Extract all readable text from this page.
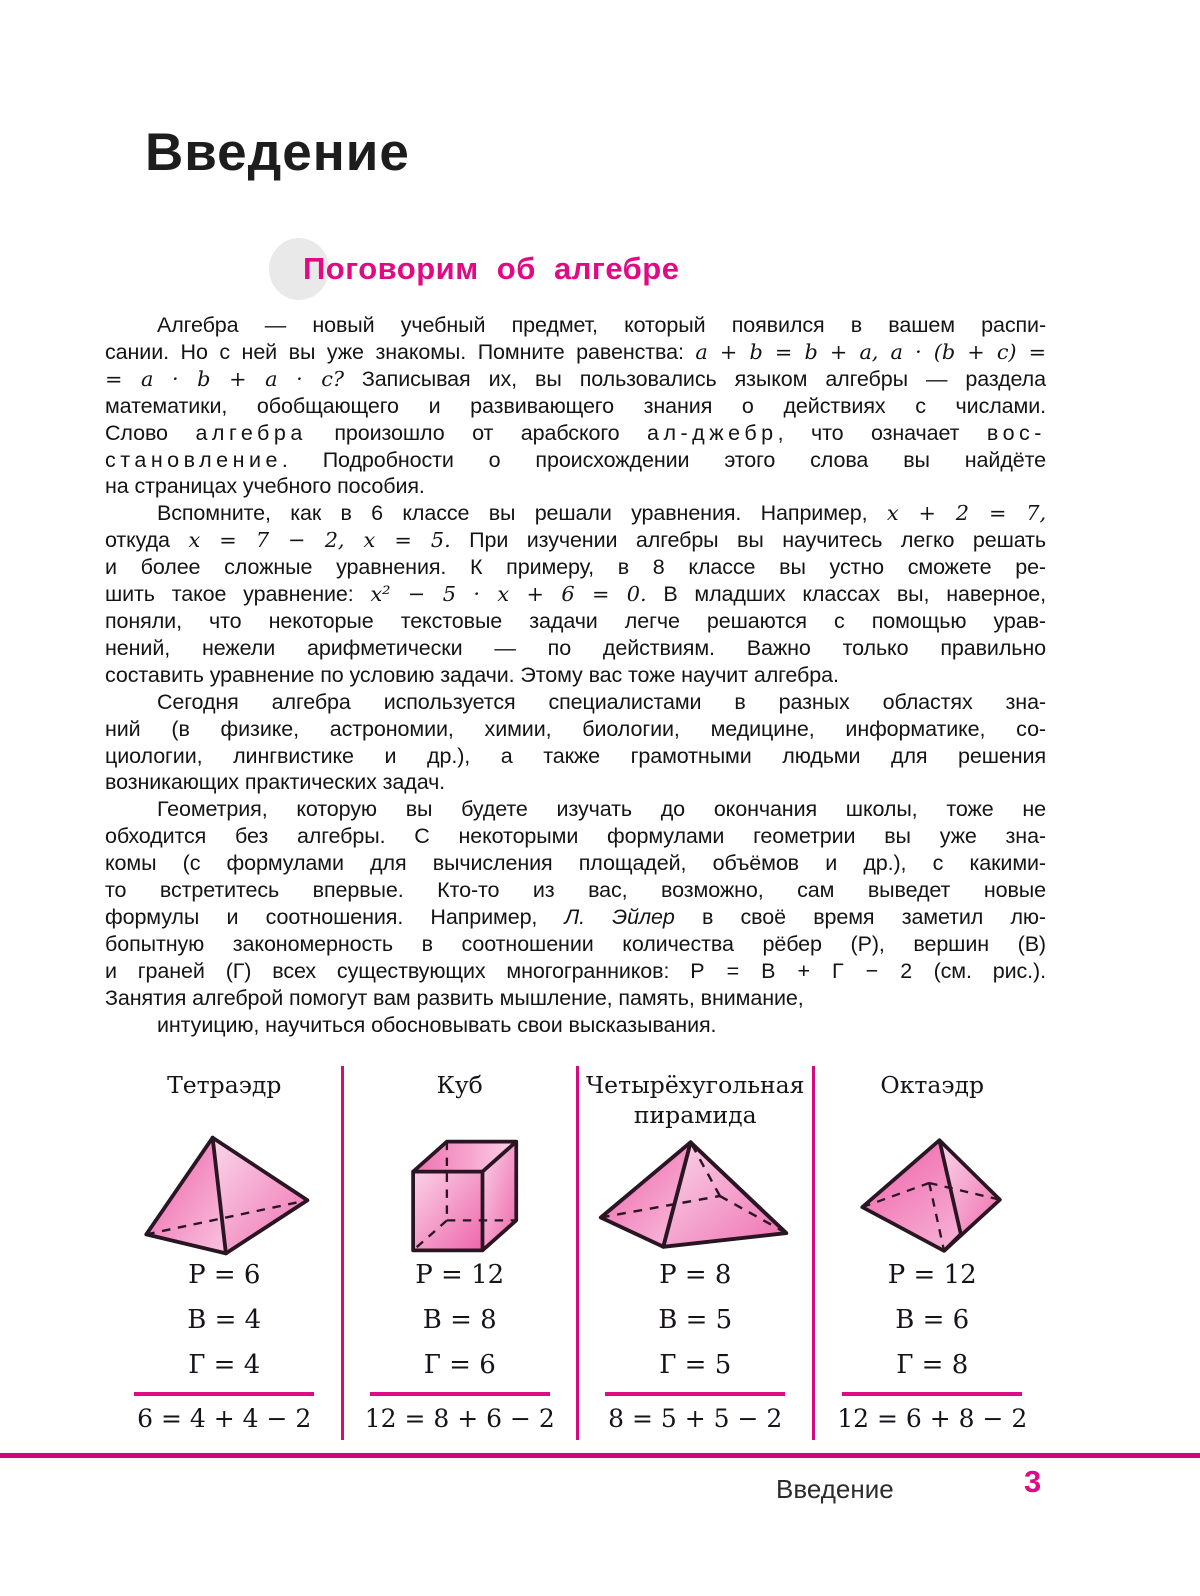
Введение
Поговорим об алгебре
Алгебра — новый учебный предмет, который появился в вашем распи-
сании. Но с ней вы уже знакомы. Помните равенства: a + b = b + a, a · (b + c) =
= a · b + a · c? Записывая их, вы пользовались языком алгебры — раздела
математики, обобщающего и развивающего знания о действиях с числами.
Слово алгебра произошло от арабского ал-джебр, что означает вос-
становление. Подробности о происхождении этого слова вы найдёте
на страницах учебного пособия.
Вспомните, как в 6 классе вы решали уравнения. Например, x + 2 = 7,
откуда x = 7 − 2, x = 5. При изучении алгебры вы научитесь легко решать
и более сложные уравнения. К примеру, в 8 классе вы устно сможете ре-
шить такое уравнение: x² − 5 · x + 6 = 0. В младших классах вы, наверное,
поняли, что некоторые текстовые задачи легче решаются с помощью урав-
нений, нежели арифметически — по действиям. Важно только правильно
составить уравнение по условию задачи. Этому вас тоже научит алгебра.
Сегодня алгебра используется специалистами в разных областях зна-
ний (в физике, астрономии, химии, биологии, медицине, информатике, со-
циологии, лингвистике и др.), а также грамотными людьми для решения
возникающих практических задач.
Геометрия, которую вы будете изучать до окончания школы, тоже не
обходится без алгебры. С некоторыми формулами геометрии вы уже зна-
комы (с формулами для вычисления площадей, объёмов и др.), с какими-
то встретитесь впервые. Кто-то из вас, возможно, сам выведет новые
формулы и соотношения. Например, Л. Эйлер в своё время заметил лю-
бопытную закономерность в соотношении количества рёбер (Р), вершин (В)
и граней (Г) всех существующих многогранников: Р = В + Г − 2 (см. рис.).
Занятия алгеброй помогут вам развить мышление, память, внимание,
интуицию, научиться обосновывать свои высказывания.
Тетраэдр
Р = 6
В = 4
Г = 4
6 = 4 + 4 − 2
Куб
Р = 12
В = 8
Г = 6
12 = 8 + 6 − 2
Четырёхугольная пирамида
Р = 8
В = 5
Г = 5
8 = 5 + 5 − 2
Октаэдр
Р = 12
В = 6
Г = 8
12 = 6 + 8 − 2
Введение	3
